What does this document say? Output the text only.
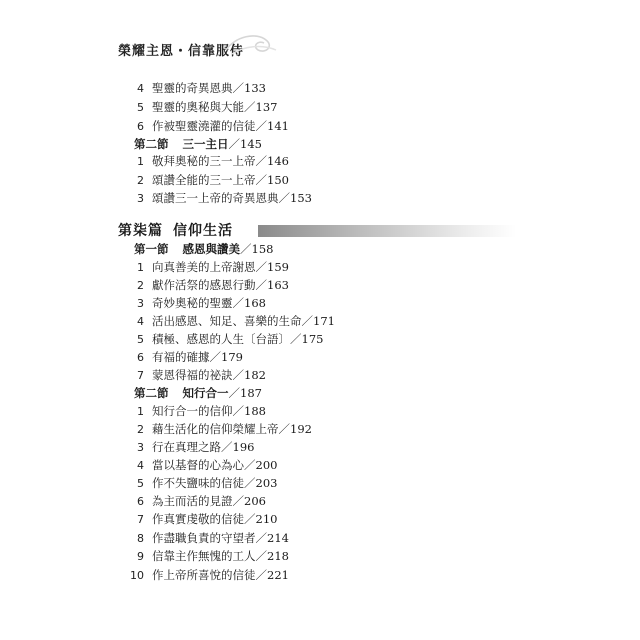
榮耀主恩・信靠服侍
4 聖靈的奇異恩典／133
5 聖靈的奧秘與大能／137
6 作被聖靈澆灌的信徒／141
第二節 三一主日／145
1 敬拜奧秘的三一上帝／146
2 頌讚全能的三一上帝／150
3 頌讚三一上帝的奇異恩典／153
第柒篇 信仰生活
第一節 感恩與讚美／158
1 向真善美的上帝謝恩／159
2 獻作活祭的感恩行動／163
3 奇妙奧秘的聖靈／168
4 活出感恩、知足、喜樂的生命／171
5 積極、感恩的人生〔台語〕／175
6 有福的確據／179
7 蒙恩得福的祕訣／182
第二節 知行合一／187
1 知行合一的信仰／188
2 藉生活化的信仰榮耀上帝／192
3 行在真理之路／196
4 當以基督的心為心／200
5 作不失鹽味的信徒／203
6 為主而活的見證／206
7 作真實虔敬的信徒／210
8 作盡職負責的守望者／214
9 信靠主作無愧的工人／218
10 作上帝所喜悅的信徒／221
